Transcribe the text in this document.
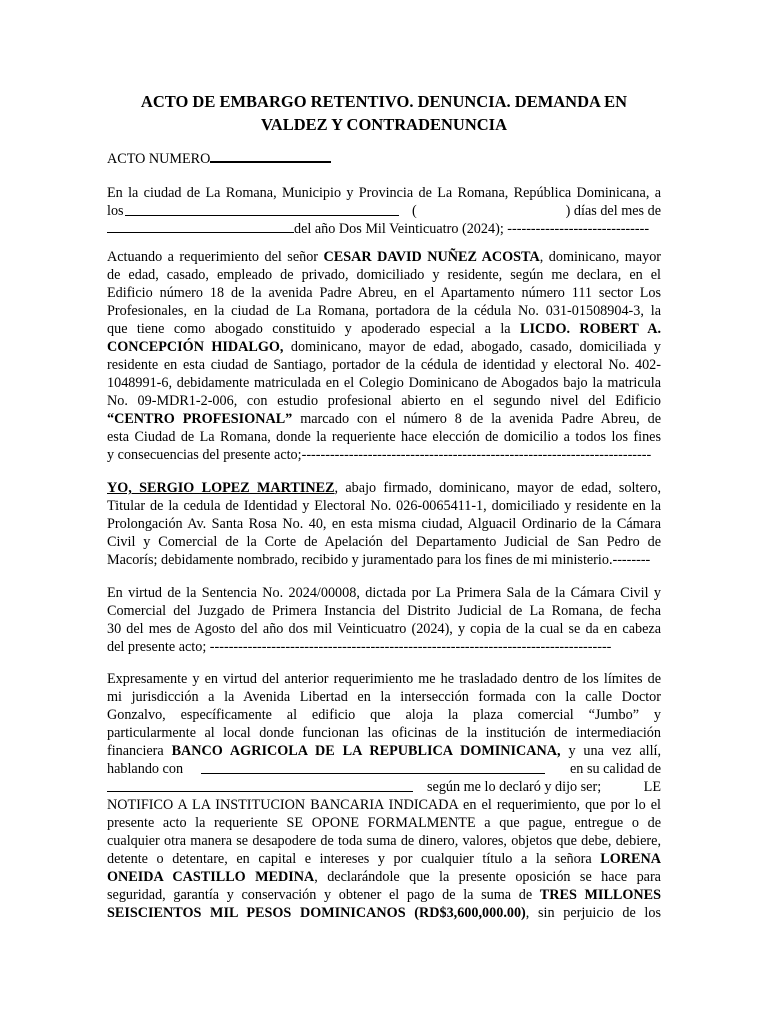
ACTO DE EMBARGO RETENTIVO. DENUNCIA. DEMANDA EN
VALDEZ Y CONTRADENUNCIA
ACTO NUMERO
En la ciudad de La Romana, Municipio y Provincia de La Romana, República Dominicana, a
los	(	) días del mes de
del año Dos Mil Veinticuatro (2024); ------------------------------
Actuando a requerimiento del señor CESAR DAVID NUÑEZ ACOSTA, dominicano, mayor
de edad, casado, empleado de privado, domiciliado y residente, según me declara, en el
Edificio número 18 de la avenida Padre Abreu, en el Apartamento número 111 sector Los
Profesionales, en la ciudad de La Romana, portadora de la cédula No. 031-01508904-3, la
que tiene como abogado constituido y apoderado especial a la LICDO. ROBERT A.
CONCEPCIÓN HIDALGO, dominicano, mayor de edad, abogado, casado, domiciliada y
residente en esta ciudad de Santiago, portador de la cédula de identidad y electoral No. 402-
1048991-6, debidamente matriculada en el Colegio Dominicano de Abogados bajo la matricula
No. 09-MDR1-2-006, con estudio profesional abierto en el segundo nivel del Edificio
“CENTRO PROFESIONAL” marcado con el número 8 de la avenida Padre Abreu, de
esta Ciudad de La Romana, donde la requeriente hace elección de domicilio a todos los fines
y consecuencias del presente acto;--------------------------------------------------------------------------
YO, SERGIO LOPEZ MARTINEZ, abajo firmado, dominicano, mayor de edad, soltero,
Titular de la cedula de Identidad y Electoral No. 026-0065411-1, domiciliado y residente en la
Prolongación Av. Santa Rosa No. 40, en esta misma ciudad, Alguacil Ordinario de la Cámara
Civil y Comercial de la Corte de Apelación del Departamento Judicial de San Pedro de
Macorís; debidamente nombrado, recibido y juramentado para los fines de mi ministerio.--------
En virtud de la Sentencia No. 2024/00008, dictada por La Primera Sala de la Cámara Civil y
Comercial del Juzgado de Primera Instancia del Distrito Judicial de La Romana, de fecha
30 del mes de Agosto del año dos mil Veinticuatro (2024), y copia de la cual se da en cabeza
del presente acto; -------------------------------------------------------------------------------------
Expresamente y en virtud del anterior requerimiento me he trasladado dentro de los límites de
mi jurisdicción a la Avenida Libertad en la intersección formada con la calle Doctor
Gonzalvo, específicamente al edificio que aloja la plaza comercial “Jumbo” y
particularmente al local donde funcionan las oficinas de la institución de intermediación
financiera BANCO AGRICOLA DE LA REPUBLICA DOMINICANA, y una vez allí,
hablando con	en su calidad de
según me lo declaró y dijo ser;	LE
NOTIFICO A LA INSTITUCION BANCARIA INDICADA en el requerimiento, que por lo el
presente acto la requeriente SE OPONE FORMALMENTE a que pague, entregue o de
cualquier otra manera se desapodere de toda suma de dinero, valores, objetos que debe, debiere,
detente o detentare, en capital e intereses y por cualquier título a la señora LORENA
ONEIDA CASTILLO MEDINA, declarándole que la presente oposición se hace para
seguridad, garantía y conservación y obtener el pago de la suma de TRES MILLONES
SEISCIENTOS MIL PESOS DOMINICANOS (RD$3,600,000.00), sin perjuicio de los
